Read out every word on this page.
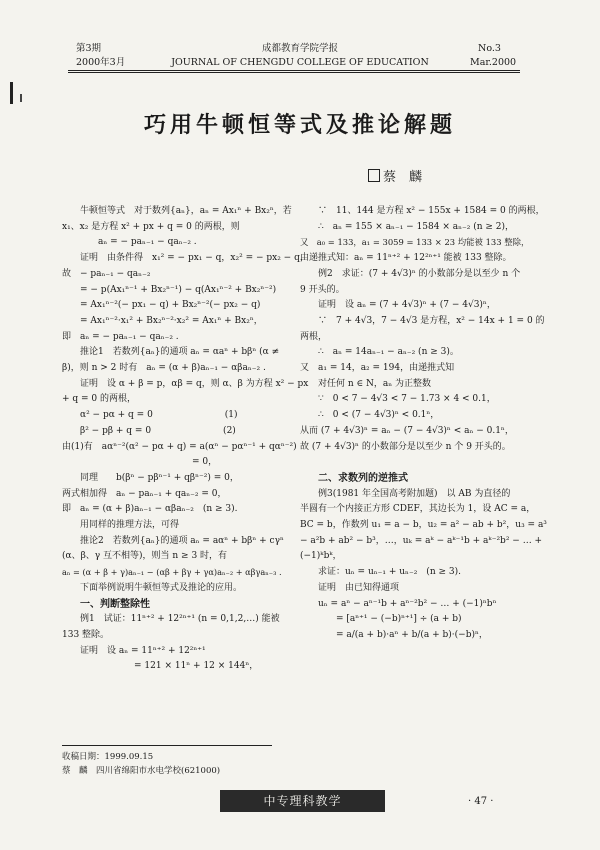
第3期
2000年3月
成都教育学院学报
JOURNAL OF CHENGDU COLLEGE OF EDUCATION
No.3
Mar.2000
巧用牛顿恒等式及推论解题
蔡　麟

牛顿恒等式　对于数列{aₙ}，aₙ = Ax₁ⁿ + Bx₂ⁿ，若

x₁、x₂ 是方程 x² + px + q = 0 的两根，则

aₙ = − paₙ₋₁ − qaₙ₋₂ .

证明　由条件得　x₁² = − px₁ − q，x₂² = − px₂ − q，

故　− paₙ₋₁ − qaₙ₋₂

= − p(Ax₁ⁿ⁻¹ + Bx₂ⁿ⁻¹) − q(Ax₁ⁿ⁻² + Bx₂ⁿ⁻²)

= Ax₁ⁿ⁻²(− px₁ − q) + Bx₂ⁿ⁻²(− px₂ − q)

= Ax₁ⁿ⁻²·x₁² + Bx₂ⁿ⁻²·x₂² = Ax₁ⁿ + Bx₂ⁿ，

即　aₙ = − paₙ₋₁ − qaₙ₋₂ .

推论1　若数列{aₙ}的通项 aₙ = αaⁿ + bβⁿ (α ≠

β)，则 n > 2 时有　aₙ = (α + β)aₙ₋₁ − αβaₙ₋₂ .

证明　设 α + β = p，αβ = q，则 α、β 为方程 x² − px

+ q = 0 的两根，

α² − pα + q = 0　　　　　　　　(1)

β² − pβ + q = 0　　　　　　　　(2)

由(1)有　aαⁿ⁻²(α² − pα + q) = a(αⁿ − pαⁿ⁻¹ + qαⁿ⁻²)

= 0，

同理　　b(βⁿ − pβⁿ⁻¹ + qβⁿ⁻²) = 0，

两式相加得　aₙ − paₙ₋₁ + qaₙ₋₂ = 0，

即　aₙ = (α + β)aₙ₋₁ − αβaₙ₋₂　(n ≥ 3).

用同样的推理方法，可得

推论2　若数列{aₙ}的通项 aₙ = aαⁿ + bβⁿ + cγⁿ

(α、β、γ 互不相等)，则当 n ≥ 3 时，有

aₙ = (α + β + γ)aₙ₋₁ − (αβ + βγ + γα)aₙ₋₂ + αβγaₙ₋₃ .

下面举例说明牛顿恒等式及推论的应用。

一、判断整除性

例1　试证：11ⁿ⁺² + 12²ⁿ⁺¹ (n = 0,1,2,…) 能被

133 整除。

证明　设 aₙ = 11ⁿ⁺² + 12²ⁿ⁺¹

= 121 × 11ⁿ + 12 × 144ⁿ，

∵　11、144 是方程 x² − 155x + 1584 = 0 的两根，

∴　aₙ = 155 × aₙ₋₁ − 1584 × aₙ₋₂ (n ≥ 2)，

又　a₀ = 133，a₁ = 3059 = 133 × 23 均能被 133 整除，

由递推式知：aₙ = 11ⁿ⁺² + 12²ⁿ⁺¹ 能被 133 整除。

例2　求证：(7 + 4√3)ⁿ 的小数部分是以至少 n 个

9 开头的。

证明　设 aₙ = (7 + 4√3)ⁿ + (7 − 4√3)ⁿ，

∵　7 + 4√3，7 − 4√3 是方程，x² − 14x + 1 = 0 的

两根，

∴　aₙ = 14aₙ₋₁ − aₙ₋₂ (n ≥ 3)。

又　a₁ = 14，a₂ = 194，由递推式知

对任何 n ∈ N，aₙ 为正整数

∵　0 < 7 − 4√3 < 7 − 1.73 × 4 < 0.1，

∴　0 < (7 − 4√3)ⁿ < 0.1ⁿ，

从而 (7 + 4√3)ⁿ = aₙ − (7 − 4√3)ⁿ < aₙ − 0.1ⁿ，

故 (7 + 4√3)ⁿ 的小数部分是以至少 n 个 9 开头的。

二、求数列的逆推式

例3(1981 年全国高考附加题)　以 AB 为直径的

半圆有一个内接正方形 CDEF，其边长为 1，设 AC = a，

BC = b，作数列 u₁ = a − b，u₂ = a² − ab + b²，u₃ = a³

− a²b + ab² − b³，…，uₖ = aᵏ − aᵏ⁻¹b + aᵏ⁻²b² − … +

(−1)ᵏbᵏ，

求证：uₙ = uₙ₋₁ + uₙ₋₂　(n ≥ 3).

证明　由已知得通项

uₙ = aⁿ − aⁿ⁻¹b + aⁿ⁻²b² − … + (−1)ⁿbⁿ

= [aⁿ⁺¹ − (−b)ⁿ⁺¹] ÷ (a + b)

= a/(a + b)·aⁿ + b/(a + b)·(−b)ⁿ，

收稿日期：1999.09.15
蔡　麟　四川省绵阳市水电学校(621000)
中专理科教学	· 47 ·
